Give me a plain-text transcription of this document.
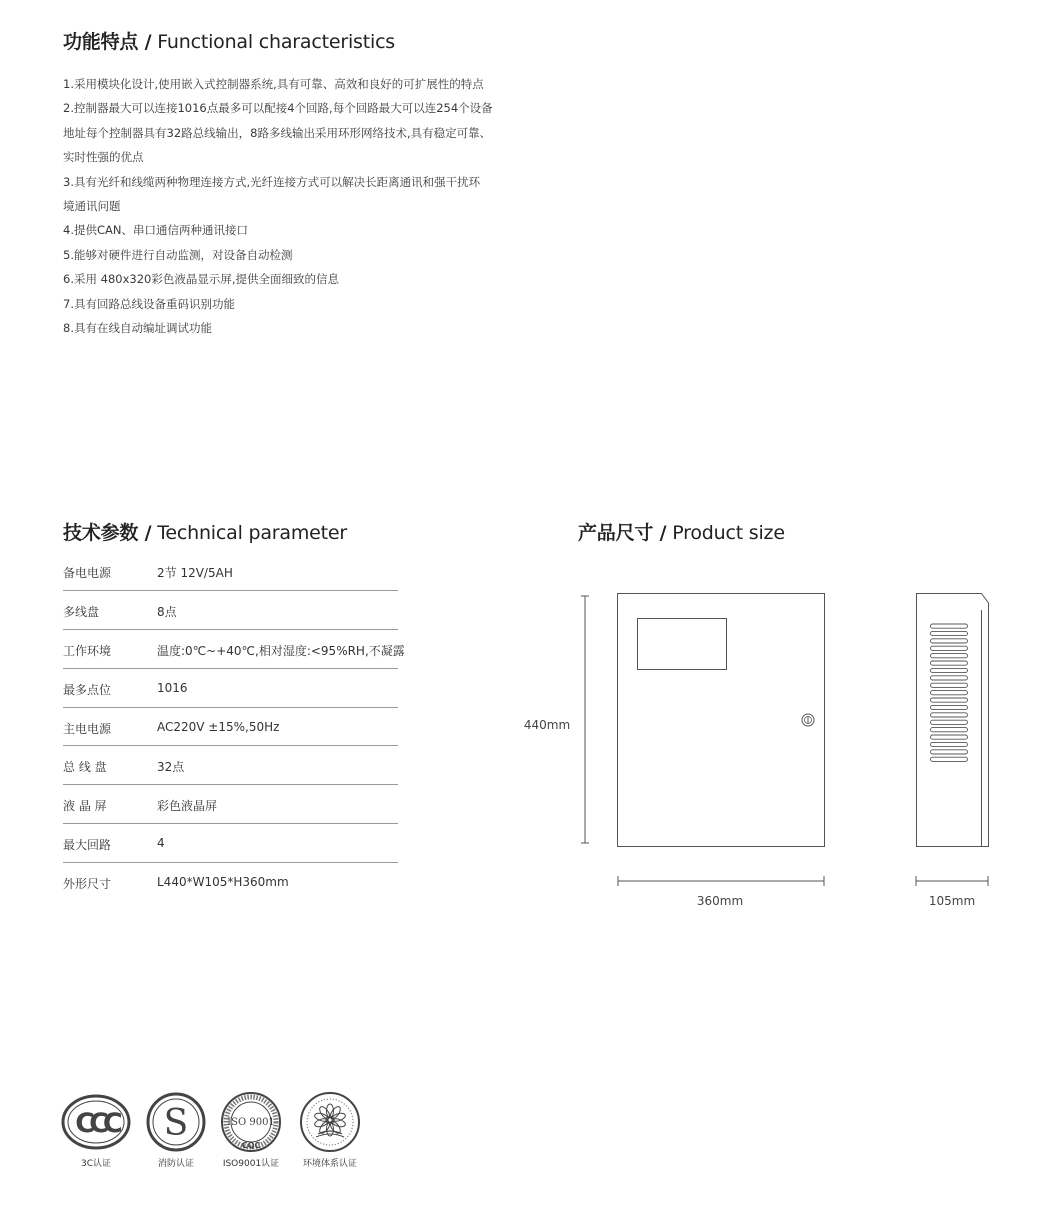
功能特点 / Functional characteristics
1.采用模块化设计,使用嵌入式控制器系统,具有可靠、高效和良好的可扩展性的特点
2.控制器最大可以连接1016点最多可以配接4个回路,每个回路最大可以连254个设备
地址每个控制器具有32路总线输出，8路多线输出采用环形网络技术,具有稳定可靠、
实时性强的优点
3.具有光纤和线缆两种物理连接方式,光纤连接方式可以解决长距离通讯和强干扰环
境通讯问题
4.提供CAN、串口通信两种通讯接口
5.能够对硬件进行自动监测，对设备自动检测
6.采用 480x320彩色液晶显示屏,提供全面细致的信息
7.具有回路总线设备重码识别功能
8.具有在线自动编址调试功能
技术参数 / Technical parameter
备电电源	2节 12V/5AH
多线盘	8点
工作环境	温度:0℃~+40℃,相对湿度:<95%RH,不凝露
最多点位	1016
主电电源	AC220V ±15%,50Hz
总 线 盘	32点
液 晶 屏	彩色液晶屏
最大回路	4
外形尺寸	L440*W105*H360mm
产品尺寸 / Product size
440mm
360mm	105mm
CCC
3C认证
S
消防认证
ISO 9001
CQC
ISO9001认证	环境体系认证
